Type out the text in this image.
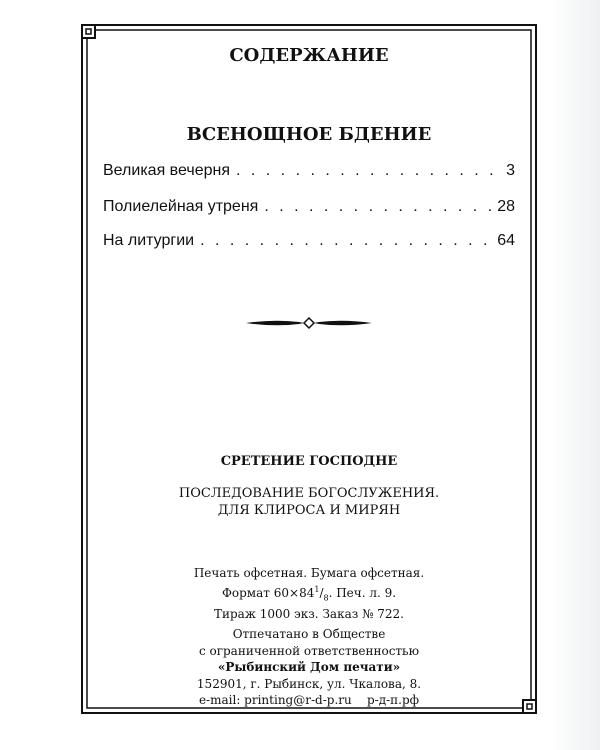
СОДЕРЖАНИЕ
ВСЕНОЩНОЕ БДЕНИЕ
Великая вечерня . . .	3
Полиелейная утреня . . .	28
На литургии . . .	64
СРЕТЕНИЕ ГОСПОДНЕ
ПОСЛЕДОВАНИЕ БОГОСЛУЖЕНИЯ.
ДЛЯ КЛИРОСА И МИРЯН
Печать офсетная. Бумага офсетная.
Формат $60\times 84^1/_8$. Печ. л. 9.
Тираж 1000 экз. Заказ № 722.
Отпечатано в Обществе
с ограниченной ответственностью
«Рыбинский Дом печати»
152901, г. Рыбинск, ул. Чкалова, 8.
e-mail: printing@r-d-p.ru    р-д-п.рф
